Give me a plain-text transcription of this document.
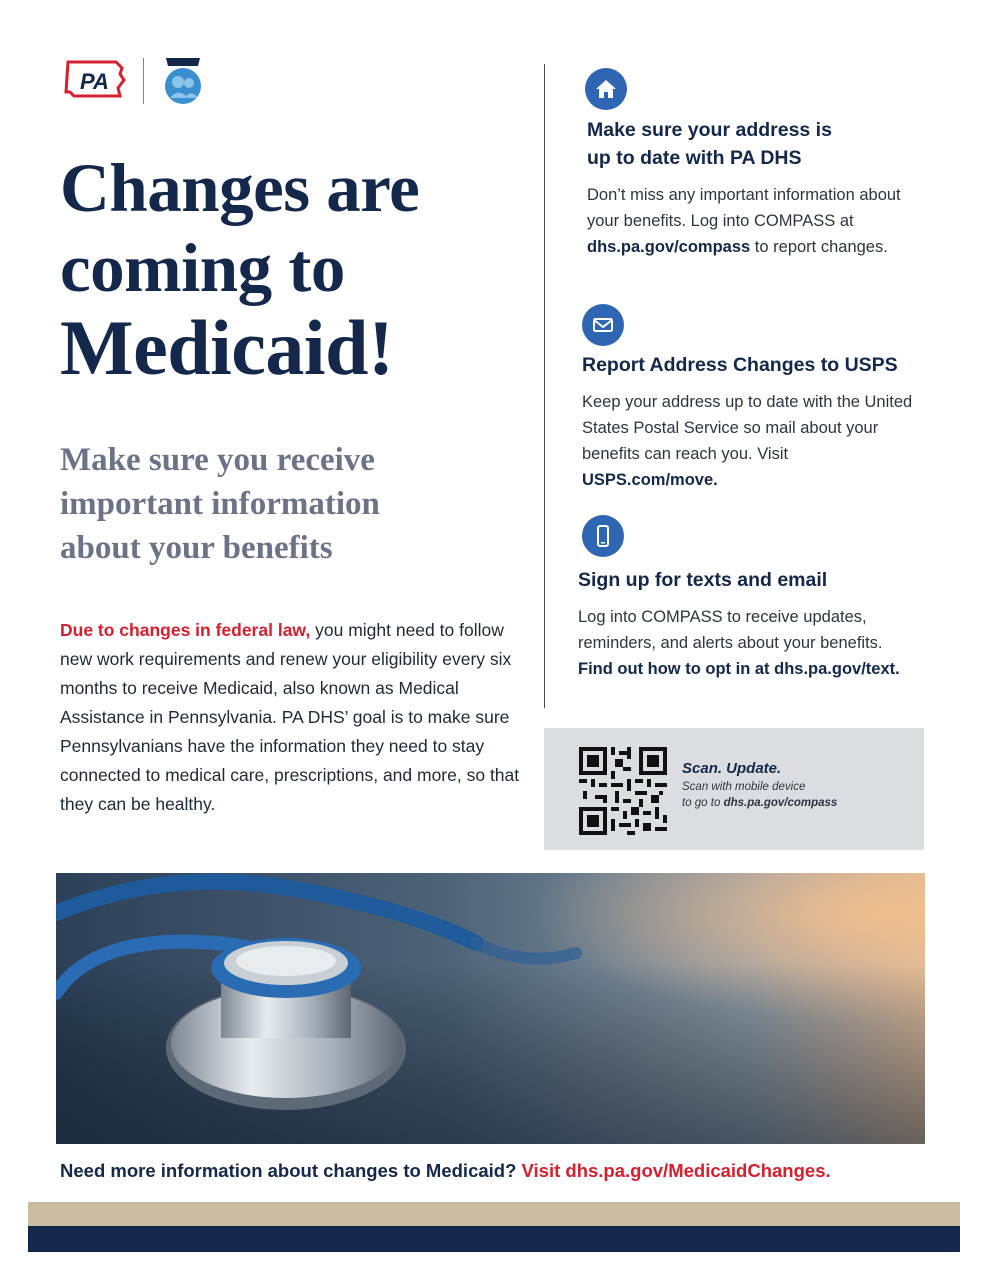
PA
Changes are
coming to
Medicaid!
Make sure you receive
important information
about your benefits
Due to changes in federal law, you might need to follow new work requirements and renew your eligibility every six months to receive Medicaid, also known as Medical Assistance in Pennsylvania. PA DHS’ goal is to make sure Pennsylvanians have the information they need to stay connected to medical care, prescriptions, and more, so that they can be healthy.
Make sure your address is
up to date with PA DHS
Don’t miss any important information about your benefits. Log into COMPASS at dhs.pa.gov/compass to report changes.
Report Address Changes to USPS
Keep your address up to date with the United States Postal Service so mail about your benefits can reach you. Visit USPS.com/move.
Sign up for texts and email
Log into COMPASS to receive updates, reminders, and alerts about your benefits.
Find out how to opt in at dhs.pa.gov/text.
Scan. Update.
Scan with mobile device
to go to dhs.pa.gov/compass
Need more information about changes to Medicaid? Visit dhs.pa.gov/MedicaidChanges.
